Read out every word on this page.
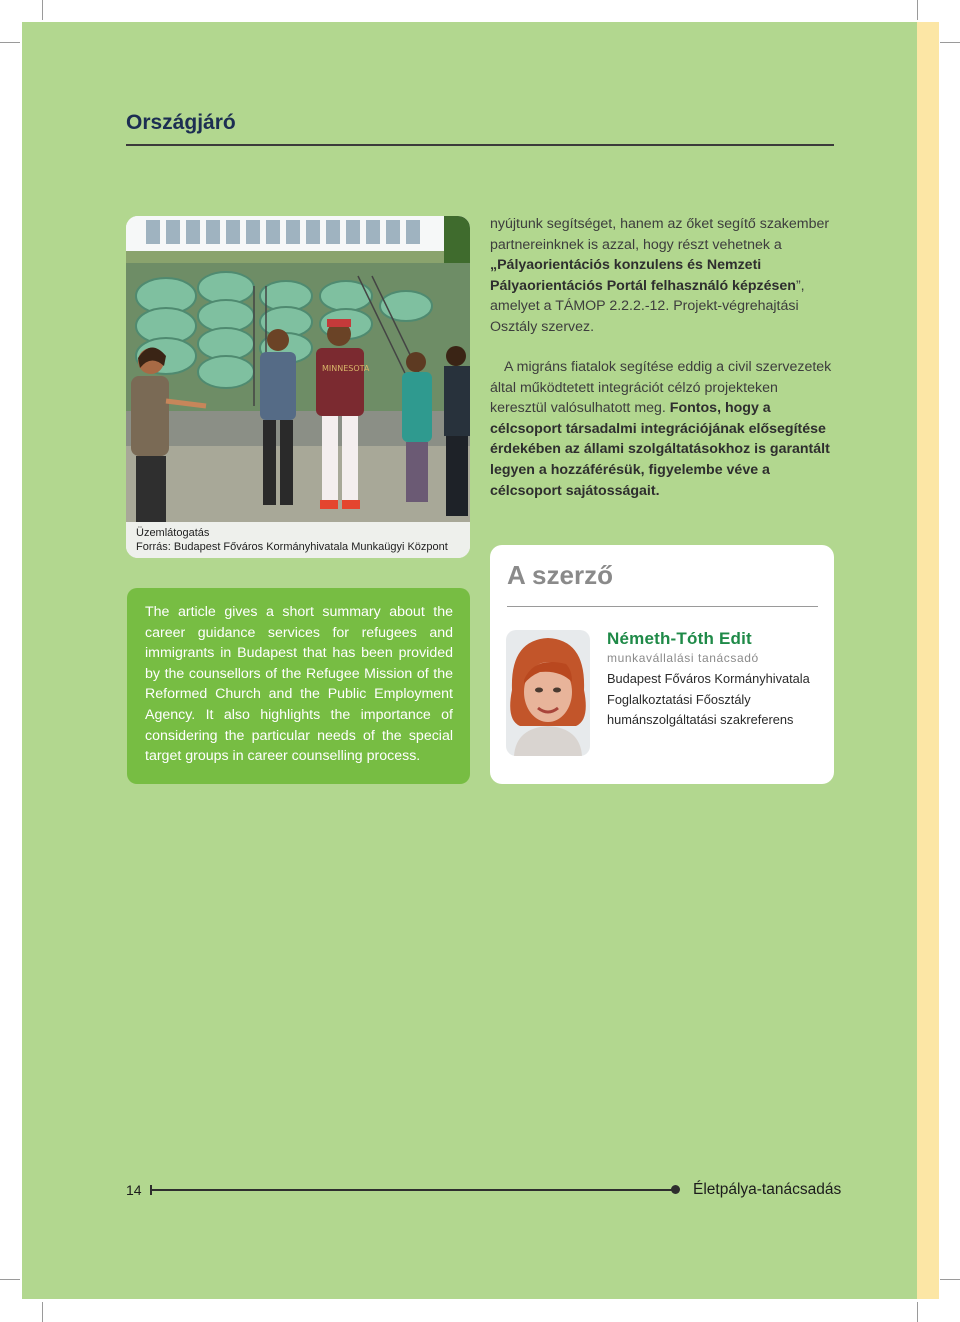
Országjáró
MINNESOTA
Üzemlátogatás
Forrás: Budapest Főváros Kormányhivatala Munkaügyi Központ

nyújtunk segítséget, hanem az őket segítő szakember partnereinknek is azzal, hogy részt vehetnek a „Pályaorientációs konzulens és Nemzeti Pályaorientációs Portál felhasználó képzésen”, amelyet a TÁMOP 2.2.2.-12. Projekt-végrehajtási Osztály szervez.

A migráns fiatalok segítése eddig a civil szervezetek által működtetett integrációt célzó projekteken keresztül valósulhatott meg. Fontos, hogy a célcsoport társadalmi integrációjának elősegítése érdekében az állami szolgáltatásokhoz is garantált legyen a hozzáférésük, figyelembe véve a célcsoport sajátosságait.

The article gives a short summary about the career guidance services for refugees and immigrants in Budapest that has been provided by the counsellors of the Refugee Mission of the Reformed Church and the Public Employment Agency. It also highlights the importance of considering the particular needs of the special target groups in career counselling process.
A szerző
Németh-Tóth Edit
munkavállalási tanácsadó
Budapest Főváros Kormányhivatala
Foglalkoztatási Főosztály
humánszolgáltatási szakreferens
14	Életpálya-tanácsadás
